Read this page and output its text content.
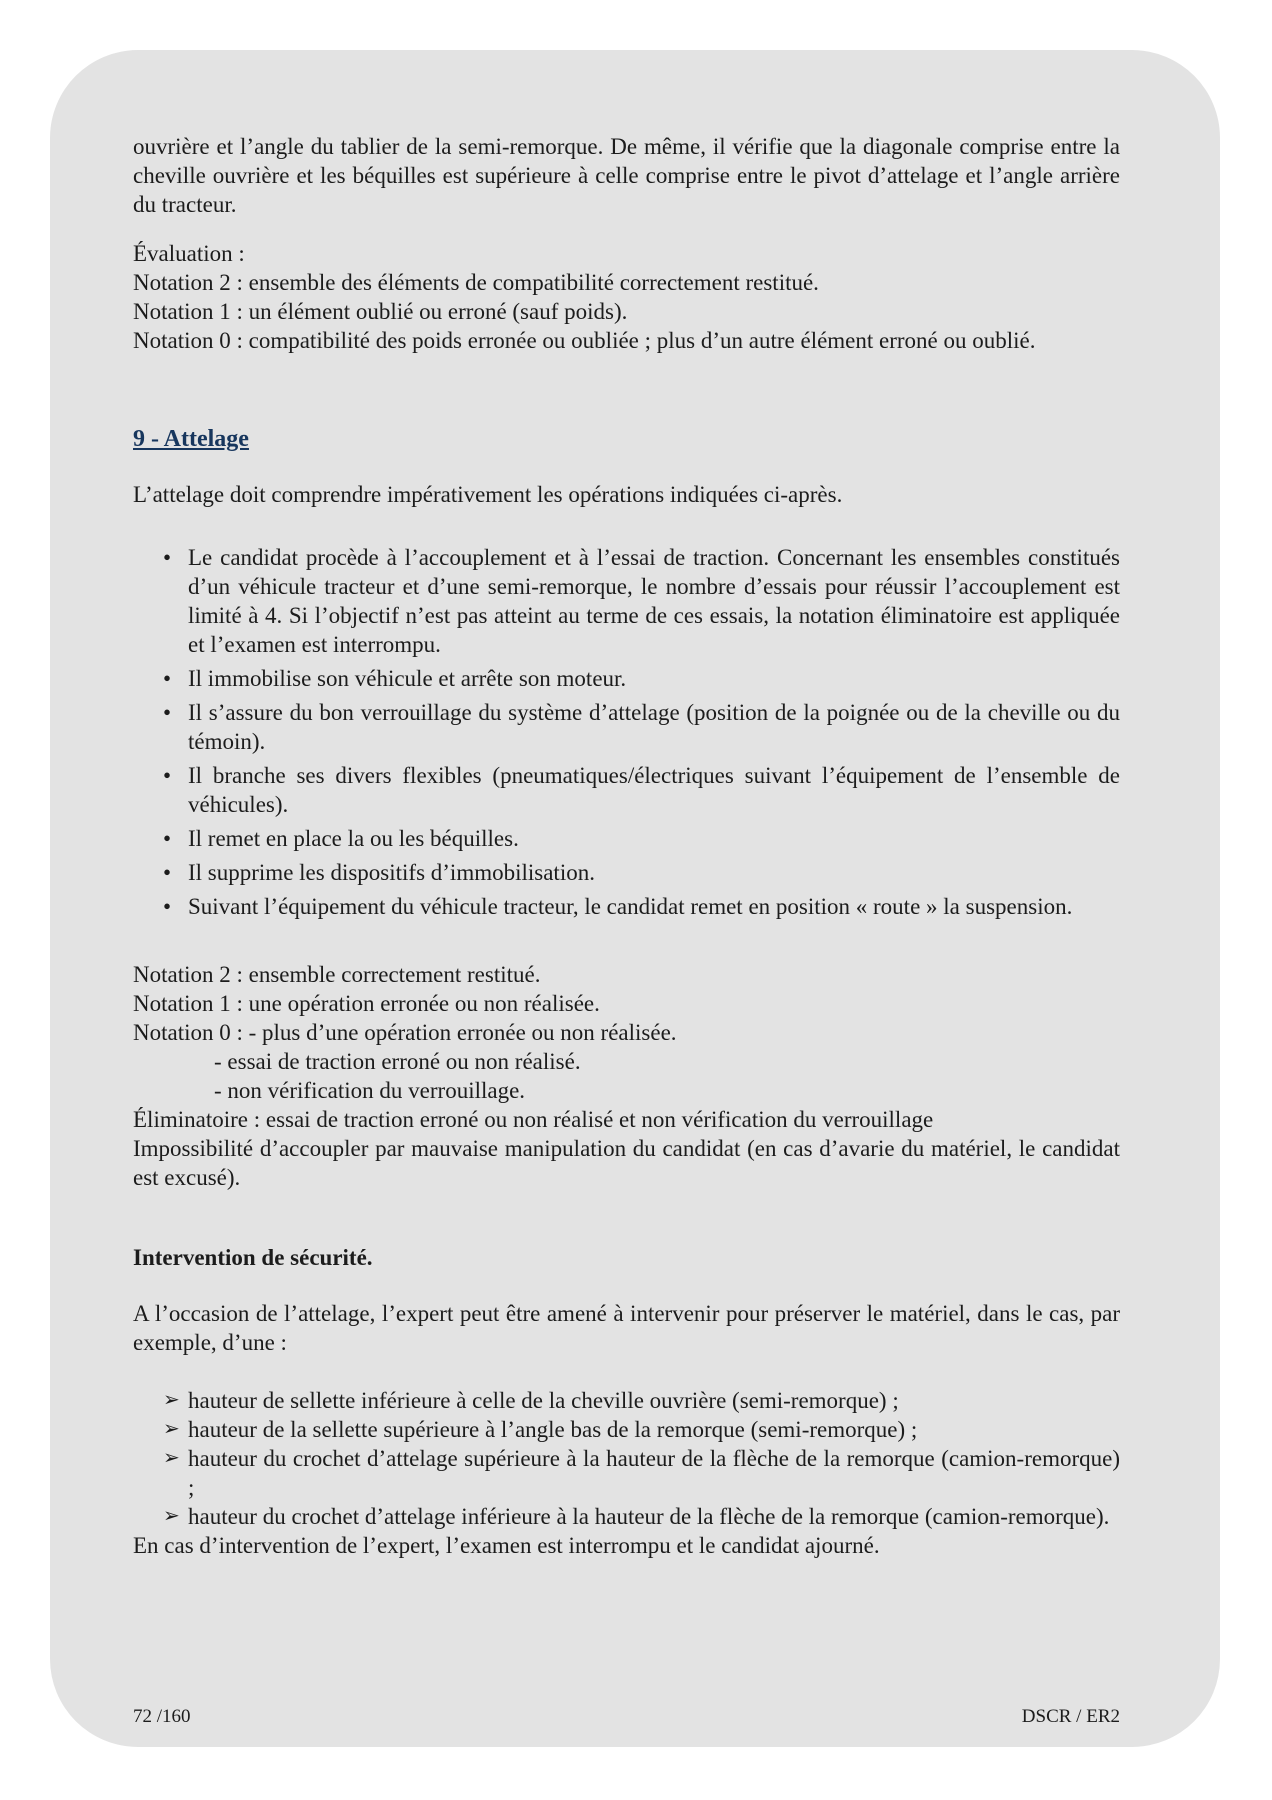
ouvrière et l’angle du tablier de la semi-remorque. De même, il vérifie que la diagonale comprise entre la cheville ouvrière et les béquilles est supérieure à celle comprise entre le pivot d’attelage et l’angle arrière du tracteur.

Évaluation :

Notation 2 : ensemble des éléments de compatibilité correctement restitué.

Notation 1 : un élément oublié ou erroné (sauf poids).

Notation 0 : compatibilité des poids erronée ou oubliée ; plus d’un autre élément erroné ou oublié.

9 - Attelage

L’attelage doit comprendre impérativement les opérations indiquées ci-après.

• Le candidat procède à l’accouplement et à l’essai de traction. Concernant les ensembles constitués d’un véhicule tracteur et d’une semi-remorque, le nombre d’essais pour réussir l’accouplement est limité à 4. Si l’objectif n’est pas atteint au terme de ces essais, la notation éliminatoire est appliquée et l’examen est interrompu.
• Il immobilise son véhicule et arrête son moteur.
• Il s’assure du bon verrouillage du système d’attelage (position de la poignée ou de la cheville ou du témoin).
• Il branche ses divers flexibles (pneumatiques/électriques suivant l’équipement de l’ensemble de véhicules).
• Il remet en place la ou les béquilles.
• Il supprime les dispositifs d’immobilisation.
• Suivant l’équipement du véhicule tracteur, le candidat remet en position « route » la suspension.

Notation 2 : ensemble correctement restitué.

Notation 1 : une opération erronée ou non réalisée.

Notation 0 : - plus d’une opération erronée ou non réalisée.

- essai de traction erroné ou non réalisé.

- non vérification du verrouillage.

Éliminatoire : essai de traction erroné ou non réalisé et non vérification du verrouillage

Impossibilité d’accoupler par mauvaise manipulation du candidat (en cas d’avarie du matériel, le candidat est excusé).

Intervention de sécurité.

A l’occasion de l’attelage, l’expert peut être amené à intervenir pour préserver le matériel, dans le cas, par exemple, d’une :

➢ hauteur de sellette inférieure à celle de la cheville ouvrière (semi-remorque) ;
➢ hauteur de la sellette supérieure à l’angle bas de la remorque (semi-remorque) ;
➢ hauteur du crochet d’attelage supérieure à la hauteur de la flèche de la remorque (camion-remorque) ;
➢ hauteur du crochet d’attelage inférieure à la hauteur de la flèche de la remorque (camion-remorque).

En cas d’intervention de l’expert, l’examen est interrompu et le candidat ajourné.

72 /160	DSCR / ER2
